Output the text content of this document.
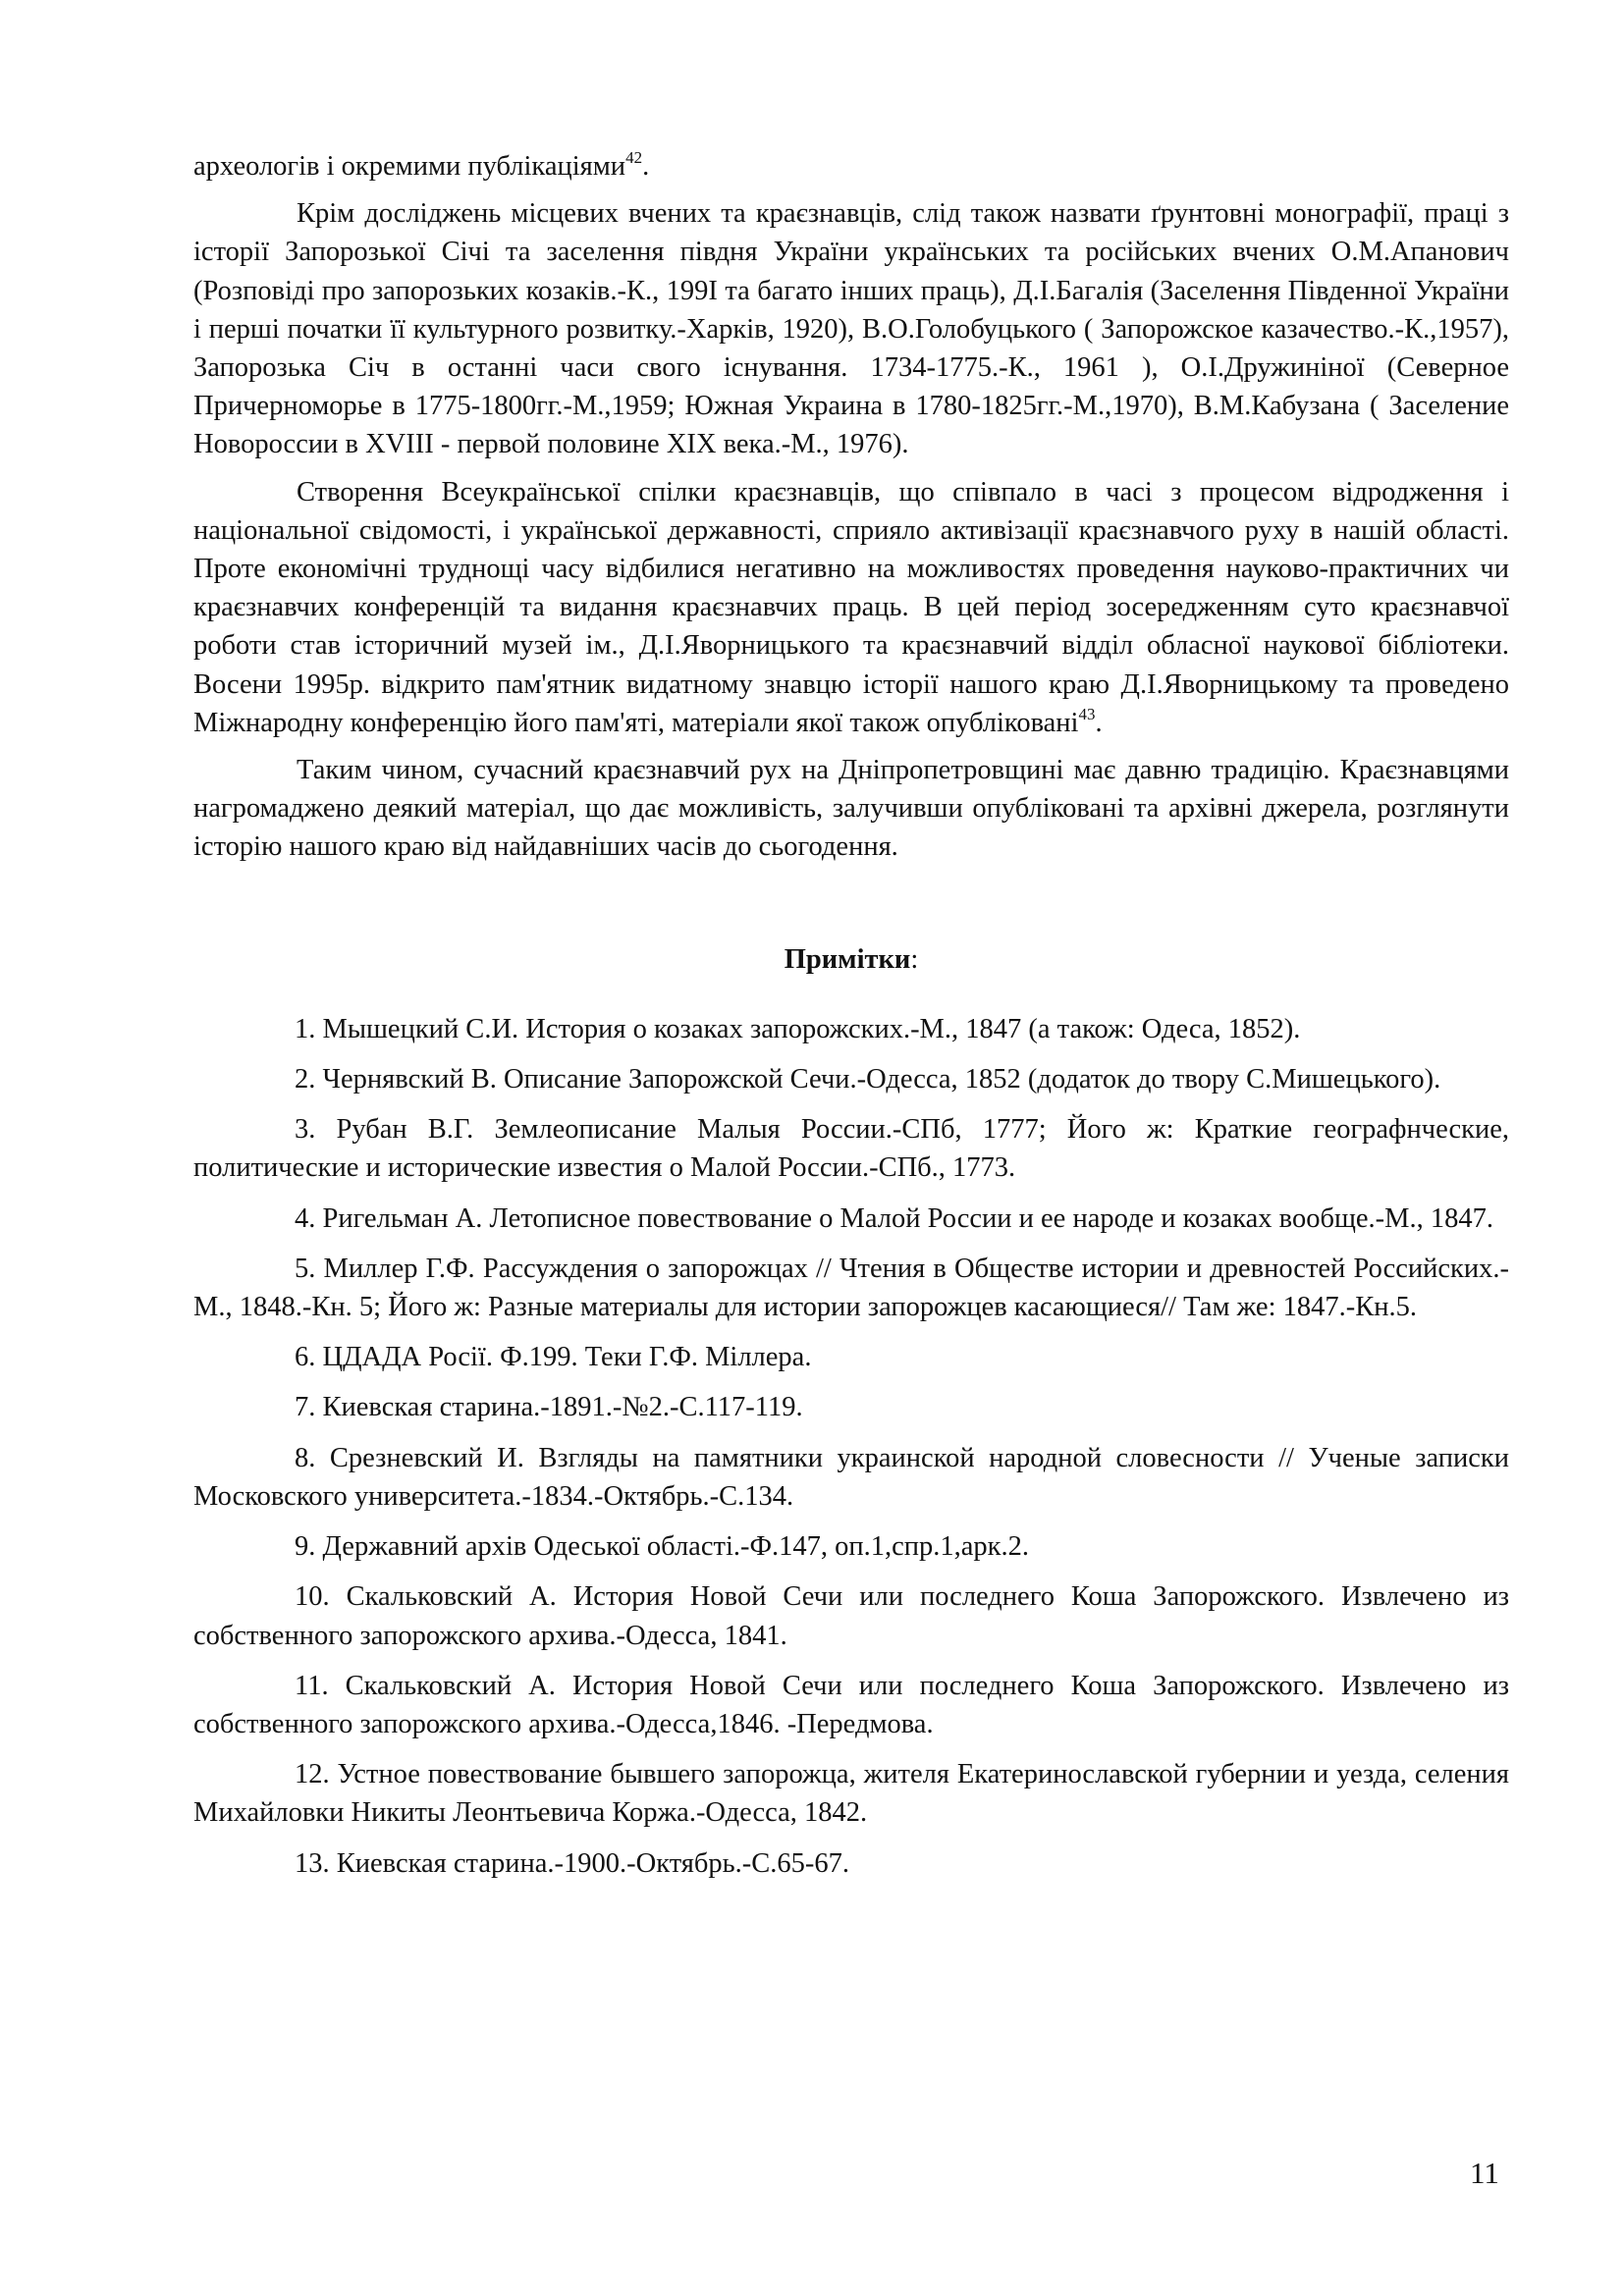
археологів і окремими публікаціями$^{42}$.

Крім досліджень місцевих вчених та краєзнавців, слід також назвати ґрунтовні монографії, праці з історії Запорозької Січі та заселення півдня України українських та російських вчених О.М.Апанович (Розповіді про запорозьких козаків.-К., 199I та багато інших праць), Д.І.Багалія (Заселення Південної України і перші початки її культурного розвитку.-Харків, 1920), В.О.Голобуцького ( Запорожское казачество.-К.,1957), Запорозька Січ в останні часи свого існування. 1734-1775.-К., 1961 ), О.І.Дружиніної (Северное Причерноморье в 1775-1800гг.-М.,1959; Южная Украина в 1780-1825гг.-М.,1970), В.М.Кабузана ( Заселение Новороссии в XVIII - первой половине XIX века.-М., 1976).

Створення Всеукраїнської спілки краєзнавців, що співпало в часі з процесом відродження і національної свідомості, і української державності, сприяло активізації краєзнавчого руху в нашій області. Проте економічні труднощі часу відбилися негативно на можливостях проведення науково-практичних чи краєзнавчих конференцій та видання краєзнавчих праць. В цей період зосередженням суто краєзнавчої роботи став історичний музей ім., Д.І.Яворницького та краєзнавчий відділ обласної наукової бібліотеки. Восени 1995р. відкрито пам'ятник видатному знавцю історії нашого краю Д.І.Яворницькому та проведено Міжнародну конференцію його пам'яті, матеріали якої також опубліковані$^{43}$.

Таким чином, сучасний краєзнавчий рух на Дніпропетровщині має давню традицію. Краєзнавцями нагромаджено деякий матеріал, що дає можливість, залучивши опубліковані та архівні джерела, розглянути історію нашого краю від найдавніших часів до сьогодення.

Примітки:

1. Мышецкий С.И. История о козаках запорожских.-М., 1847 (а також: Одеса, 1852).

2. Чернявский В. Описание Запорожской Сечи.-Одесса, 1852 (додаток до твору С.Мишецького).

3. Рубан В.Г. Землеописание Малыя России.-СПб, 1777; Його ж: Краткие географнческие, политические и исторические известия о Малой России.-СПб., 1773.

4. Ригельман А. Летописное повествование о Малой России и ее народе и козаках вообще.-М., 1847.

5. Миллер Г.Ф. Рассуждения о запорожцах // Чтения в Обществе истории и древностей Российских.-М., 1848.-Кн. 5; Його ж: Разные материалы для истории запорожцев касающиеся// Там же: 1847.-Кн.5.

6. ЦДАДА Росії. Ф.199. Теки Г.Ф. Міллера.

7. Киевская старина.-1891.-№2.-С.117-119.

8. Срезневский И. Взгляды на памятники украинской народной словесности // Ученые записки Московского университета.-1834.-Октябрь.-С.134.

9. Державний архів Одеської області.-Ф.147, оп.1,спр.1,арк.2.

10. Скальковский А. История Новой Сечи или последнего Коша Запорожского. Извлечено из собственного запорожского архива.-Одесса, 1841.

11. Скальковский А. История Новой Сечи или последнего Коша Запорожского. Извлечено из собственного запорожского архива.-Одесса,1846. -Передмова.

12. Устное повествование бывшего запорожца, жителя Екатеринославской губернии и уезда, селения Михайловки Никиты Леонтьевича Коржа.-Одесса, 1842.

13. Киевская старина.-1900.-Октябрь.-С.65-67.

11
